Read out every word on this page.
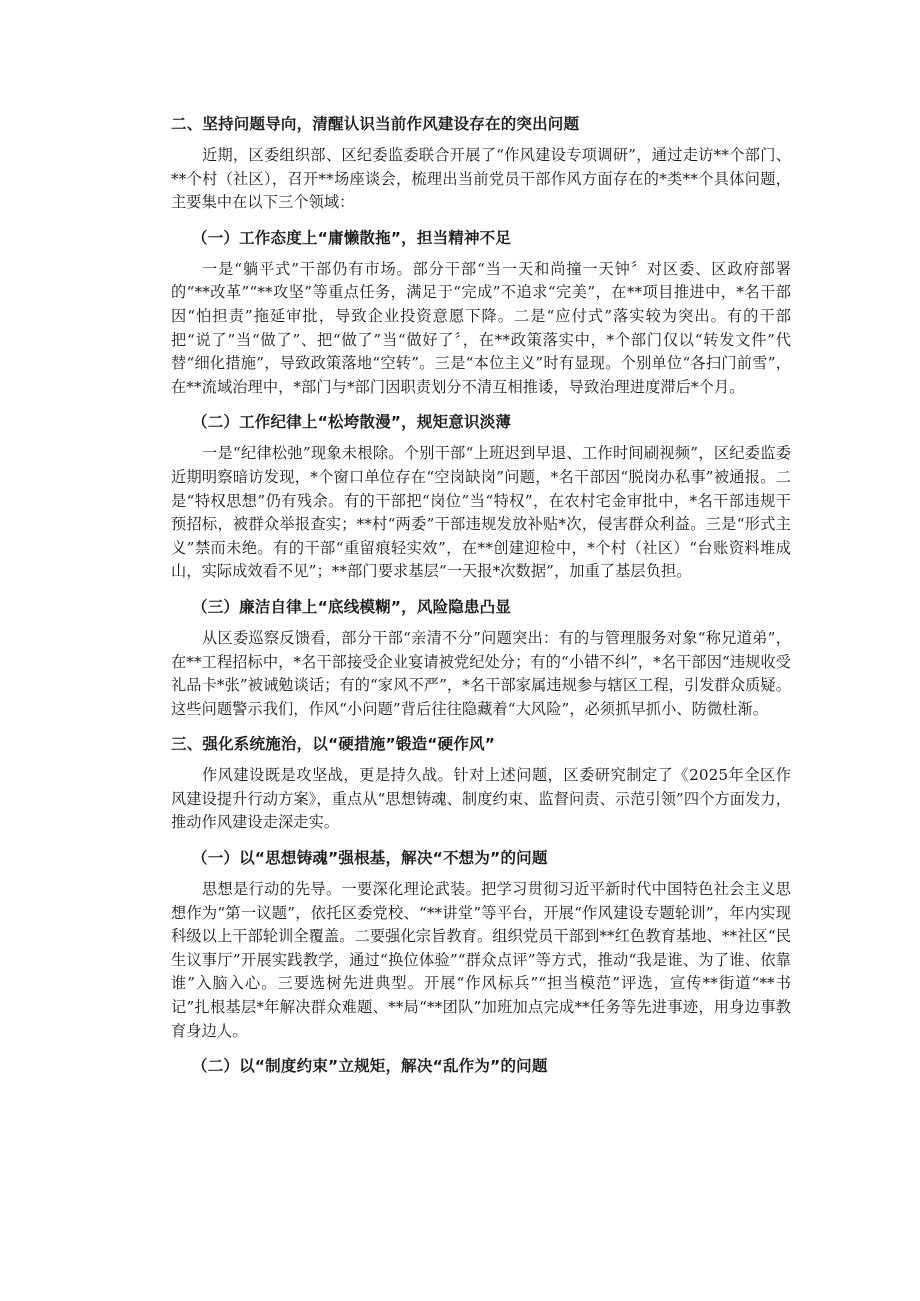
二、坚持问题导向，清醒认识当前作风建设存在的突出问题

近期，区委组织部、区纪委监委联合开展了“作风建设专项调研”，通过走访**个部门、**个村（社区），召开**场座谈会，梳理出当前党员干部作风方面存在的*类**个具体问题，主要集中在以下三个领域：

（一）工作态度上“庸懒散拖”，担当精神不足

一是“躺平式”干部仍有市场。部分干部“当一天和尚撞一天钟〞对区委、区政府部署的“**改革”“**攻坚”等重点任务，满足于“完成”不追求“完美”，在**项目推进中，*名干部因“怕担责”拖延审批，导致企业投资意愿下降。二是“应付式”落实较为突出。有的干部把“说了”当“做了”、把“做了”当“做好了〞，在**政策落实中，*个部门仅以“转发文件”代替“细化措施”，导致政策落地“空转”。三是“本位主义”时有显现。个别单位“各扫门前雪”，在**流域治理中，*部门与*部门因职责划分不清互相推诿，导致治理进度滞后*个月。

（二）工作纪律上“松垮散漫”，规矩意识淡薄

一是“纪律松弛”现象未根除。个别干部“上班迟到早退、工作时间刷视频”，区纪委监委近期明察暗访发现，*个窗口单位存在“空岗缺岗”问题，*名干部因“脱岗办私事”被通报。二是“特权思想”仍有残余。有的干部把“岗位”当“特权”，在农村宅金审批中，*名干部违规干预招标，被群众举报查实；**村“两委”干部违规发放补贴*次，侵害群众利益。三是“形式主义”禁而未绝。有的干部“重留痕轻实效”，在**创建迎检中，*个村（社区）“台账资料堆成山，实际成效看不见”；**部门要求基层“一天报*次数据”，加重了基层负担。

（三）廉洁自律上“底线模糊”，风险隐患凸显

从区委巡察反馈看，部分干部“亲清不分”问题突出：有的与管理服务对象“称兄道弟”，在**工程招标中，*名干部接受企业宴请被党纪处分；有的“小错不纠”，*名干部因“违规收受礼品卡*张”被诫勉谈话；有的“家风不严”，*名干部家属违规参与辖区工程，引发群众质疑。这些问题警示我们，作风“小问题”背后往往隐藏着“大风险”，必须抓早抓小、防微杜渐。

三、强化系统施治，以“硬措施”锻造“硬作风”

作风建设既是攻坚战，更是持久战。针对上述问题，区委研究制定了《2025年全区作风建设提升行动方案》，重点从“思想铸魂、制度约束、监督问责、示范引领”四个方面发力，推动作风建设走深走实。

（一）以“思想铸魂”强根基，解决“不想为”的问题

思想是行动的先导。一要深化理论武装。把学习贯彻习近平新时代中国特色社会主义思想作为“第一议题”，依托区委党校、“**讲堂”等平台，开展“作风建设专题轮训”，年内实现科级以上干部轮训全覆盖。二要强化宗旨教育。组织党员干部到**红色教育基地、**社区“民生议事厅”开展实践教学，通过“换位体验”“群众点评”等方式，推动“我是谁、为了谁、依靠谁”入脑入心。三要选树先进典型。开展“作风标兵”“担当模范”评选，宣传**街道“**书记”扎根基层*年解决群众难题、**局“**团队”加班加点完成**任务等先进事迹，用身边事教育身边人。

（二）以“制度约束”立规矩，解决“乱作为”的问题
